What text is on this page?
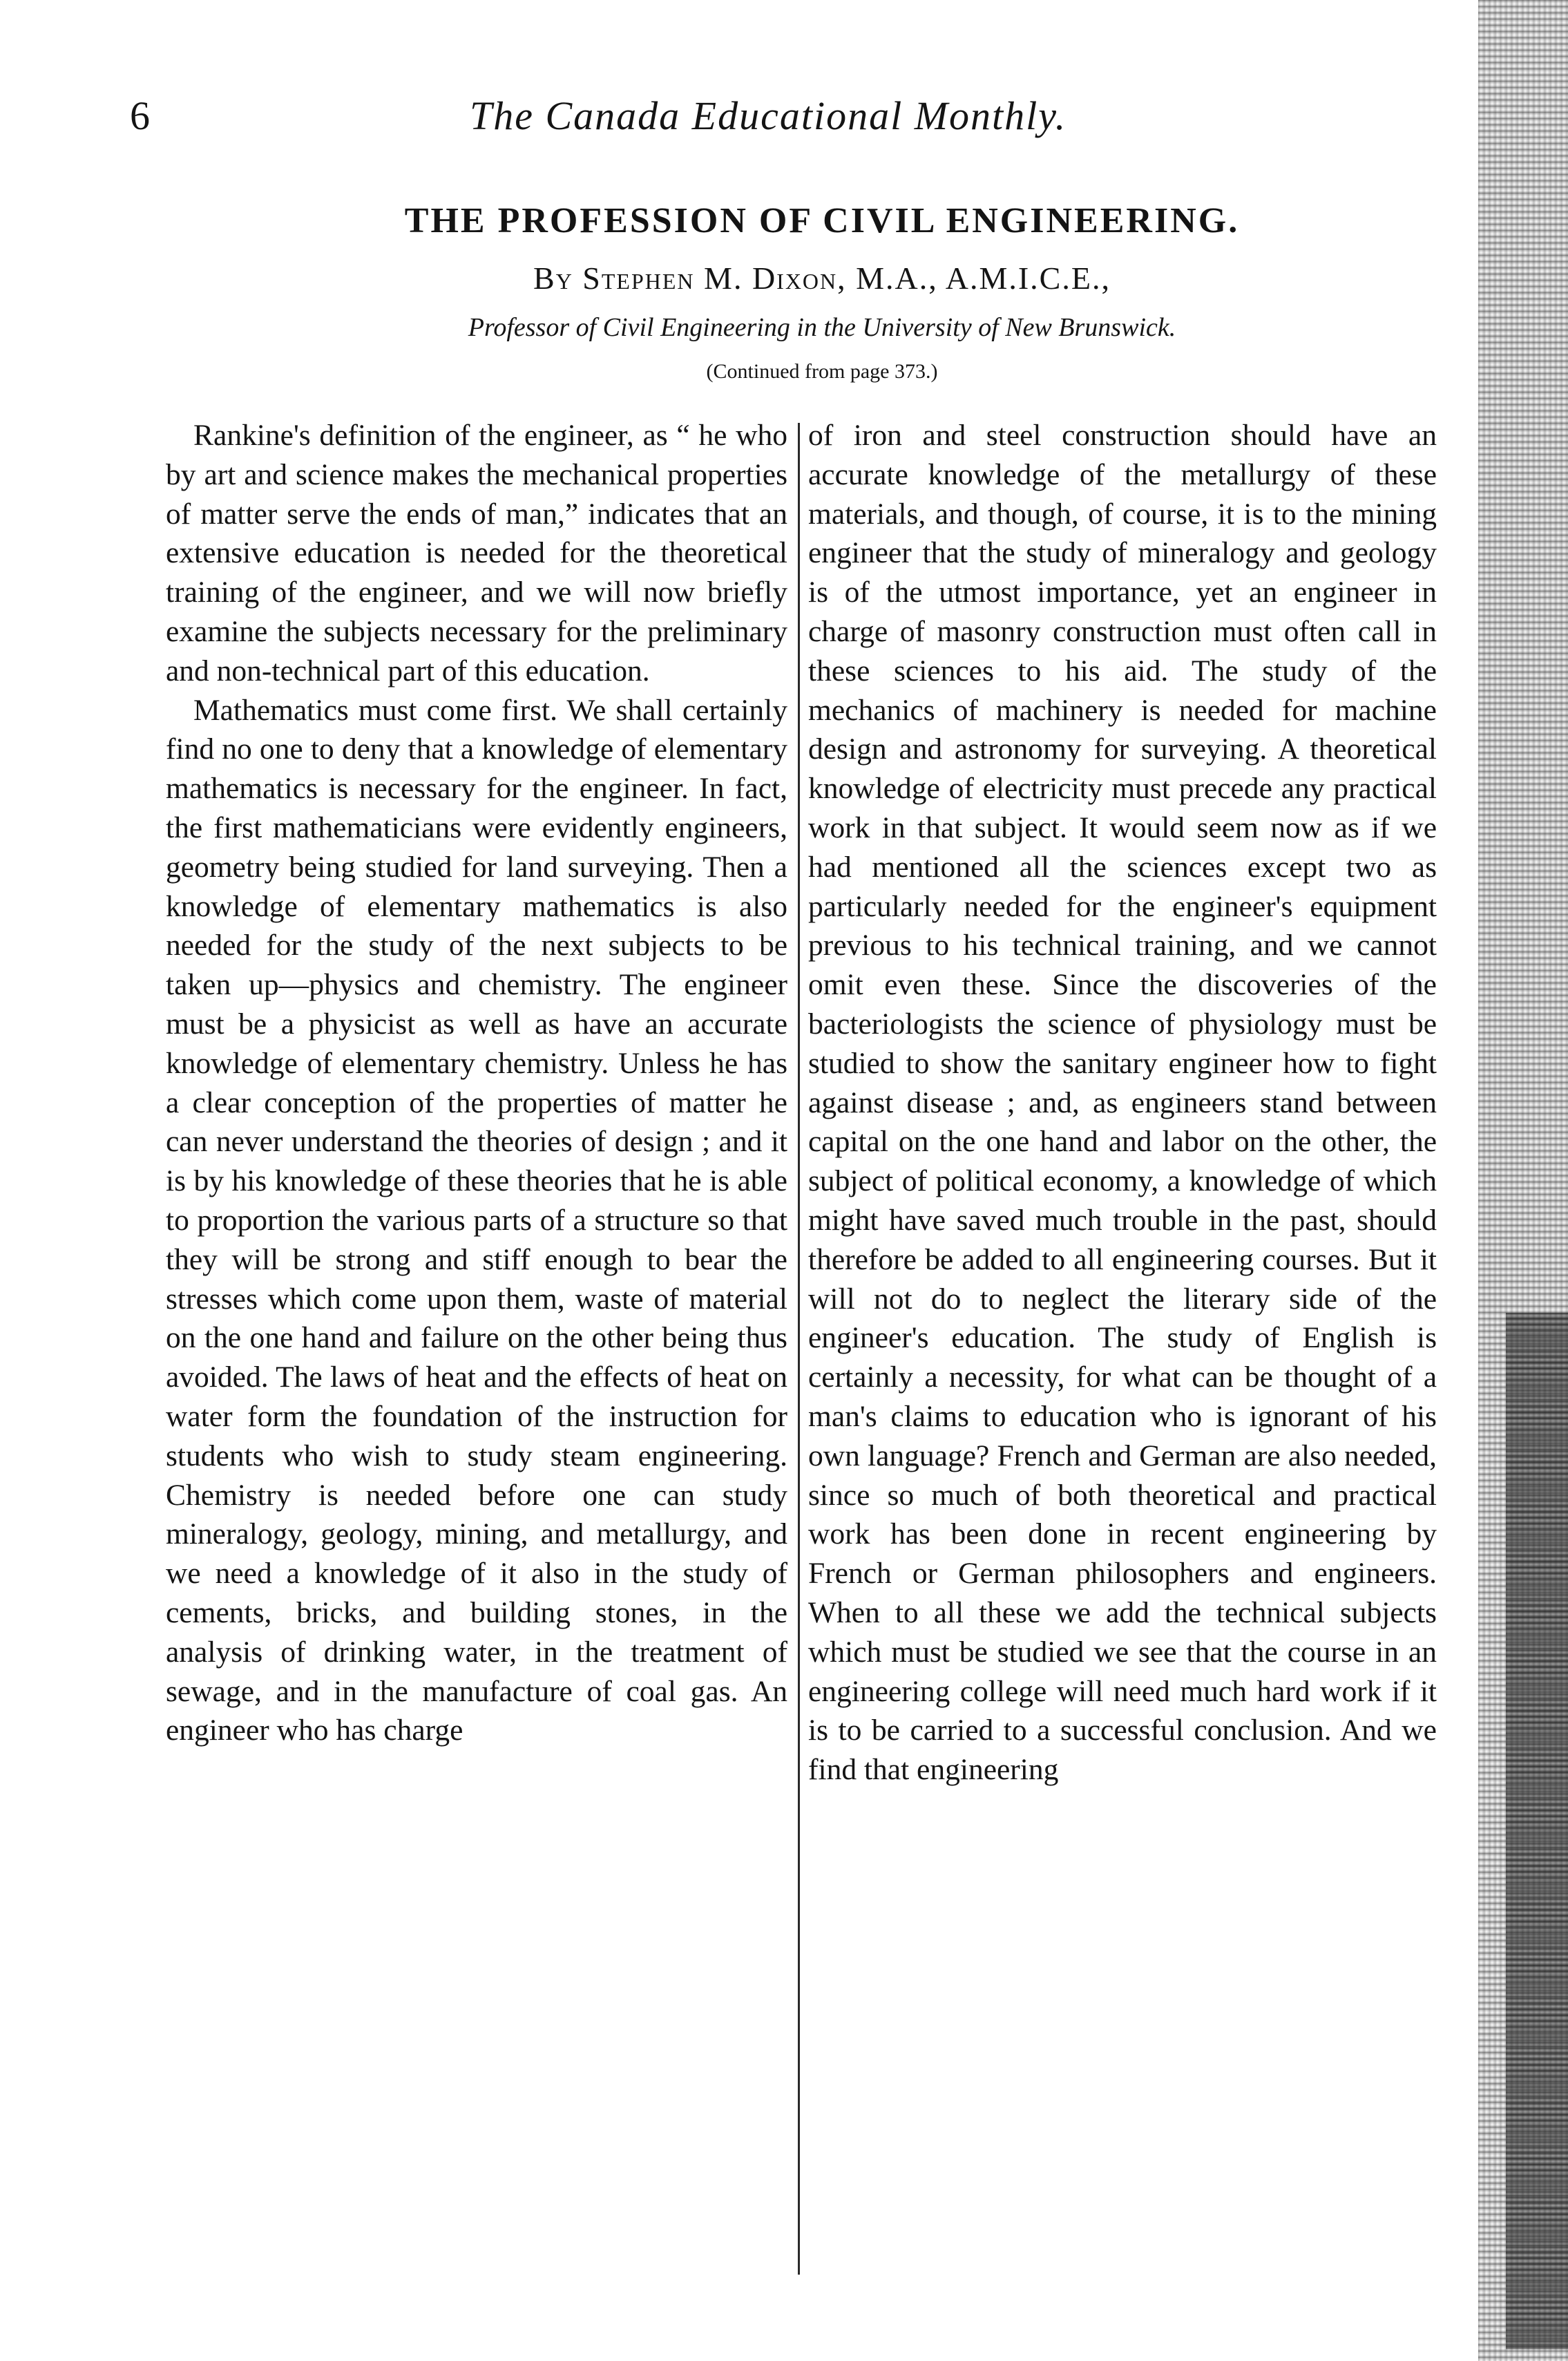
6	The Canada Educational Monthly.
THE PROFESSION OF CIVIL ENGINEERING.
By Stephen M. Dixon, M.A., A.M.I.C.E.,
Professor of Civil Engineering in the University of New Brunswick.
(Continued from page 373.)

Rankine's definition of the engineer, as “ he who by art and science makes the mechanical properties of matter serve the ends of man,” indicates that an extensive education is needed for the theoretical training of the engineer, and we will now briefly examine the subjects necessary for the preliminary and non-technical part of this education.

Mathematics must come first. We shall certainly find no one to deny that a knowledge of elementary mathematics is necessary for the engineer. In fact, the first mathematicians were evidently engineers, geometry being studied for land surveying. Then a knowledge of elementary mathematics is also needed for the study of the next subjects to be taken up—physics and chemistry. The engineer must be a physicist as well as have an accurate knowledge of elementary chemistry. Unless he has a clear conception of the properties of matter he can never understand the theories of design ; and it is by his knowledge of these theories that he is able to proportion the various parts of a structure so that they will be strong and stiff enough to bear the stresses which come upon them, waste of material on the one hand and failure on the other being thus avoided. The laws of heat and the effects of heat on water form the foundation of the instruction for students who wish to study steam engineering. Chemistry is needed before one can study mineralogy, geology, mining, and metallurgy, and we need a knowledge of it also in the study of cements, bricks, and building stones, in the analysis of drinking water, in the treatment of sewage, and in the manufacture of coal gas. An engineer who has charge

of iron and steel construction should have an accurate knowledge of the metallurgy of these materials, and though, of course, it is to the mining engineer that the study of mineralogy and geology is of the utmost importance, yet an engineer in charge of masonry construction must often call in these sciences to his aid. The study of the mechanics of machinery is needed for machine design and astronomy for surveying. A theoretical knowledge of electricity must precede any practical work in that subject. It would seem now as if we had mentioned all the sciences except two as particularly needed for the engineer's equipment previous to his technical training, and we cannot omit even these. Since the discoveries of the bacteriologists the science of physiology must be studied to show the sanitary engineer how to fight against disease ; and, as engineers stand between capital on the one hand and labor on the other, the subject of political economy, a knowledge of which might have saved much trouble in the past, should therefore be added to all engineering courses. But it will not do to neglect the literary side of the engineer's education. The study of English is certainly a necessity, for what can be thought of a man's claims to education who is ignorant of his own language? French and German are also needed, since so much of both theoretical and practical work has been done in recent engineering by French or German philosophers and engineers. When to all these we add the technical subjects which must be studied we see that the course in an engineering college will need much hard work if it is to be carried to a successful conclusion. And we find that engineering
